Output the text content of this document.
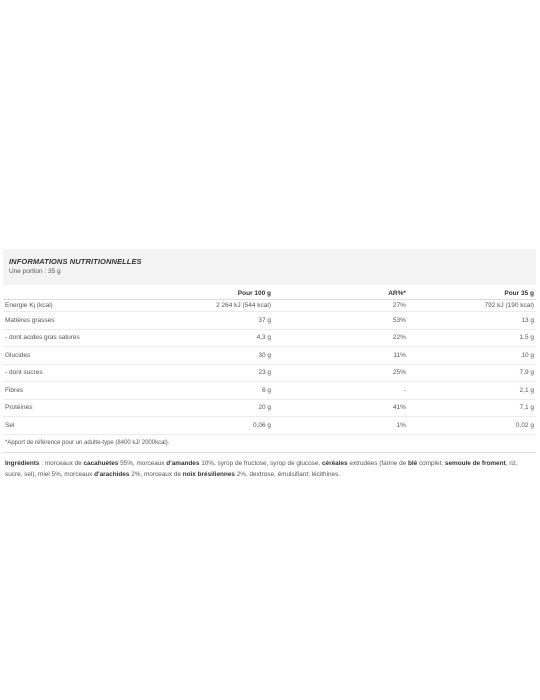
INFORMATIONS NUTRITIONNELLES
Une portion : 35 g
	Pour 100 g	AR%*	Pour 35 g
Energie Kj (kcal)	2 264 kJ (544 kcal)	27%	792 kJ (190 kcal)
Matières grasses	37 g	53%	13 g
- dont acides gras saturés	4,3 g	22%	1,5 g
Glucides	30 g	11%	10 g
- dont sucres	23 g	25%	7,9 g
Fibres	6 g	-	2,1 g
Protéines	20 g	41%	7,1 g
Sel	0,06 g	1%	0,02 g
*Apport de référence pour un adulte-type (8400 kJ/ 2000kcal).
Ingrédients : morceaux de cacahuètes 55%, morceaux d'amandes 10%, syrop de fructose, syrop de glucose, céréales extrudées (farine de blé complet, semoule de froment, riz, sucre, sel), miel 5%, morceaux d'arachides 2%, morceaux de noix brésiliennes 2%, dextrose, émulsifiant: lécithines.
